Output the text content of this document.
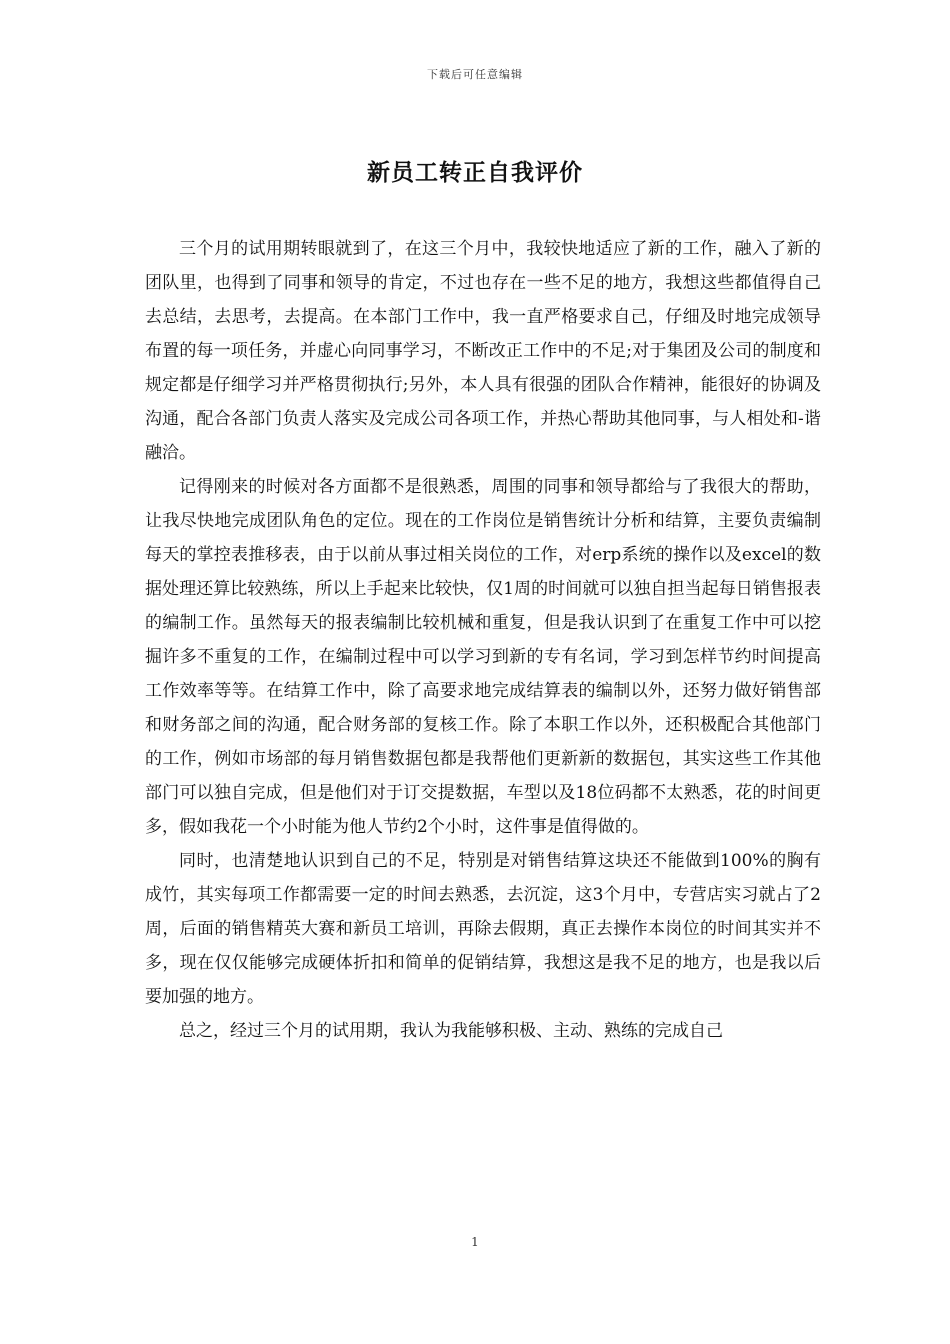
下载后可任意编辑
新员工转正自我评价

三个月的试用期转眼就到了，在这三个月中，我较快地适应了新的工作，融入了新的团队里，也得到了同事和领导的肯定，不过也存在一些不足的地方，我想这些都值得自己去总结，去思考，去提高。在本部门工作中，我一直严格要求自己，仔细及时地完成领导布置的每一项任务，并虚心向同事学习，不断改正工作中的不足;对于集团及公司的制度和规定都是仔细学习并严格贯彻执行;另外，本人具有很强的团队合作精神，能很好的协调及沟通，配合各部门负责人落实及完成公司各项工作，并热心帮助其他同事，与人相处和-谐融洽。

记得刚来的时候对各方面都不是很熟悉，周围的同事和领导都给与了我很大的帮助，让我尽快地完成团队角色的定位。现在的工作岗位是销售统计分析和结算，主要负责编制每天的掌控表推移表，由于以前从事过相关岗位的工作，对erp系统的操作以及excel的数据处理还算比较熟练，所以上手起来比较快，仅1周的时间就可以独自担当起每日销售报表的编制工作。虽然每天的报表编制比较机械和重复，但是我认识到了在重复工作中可以挖掘许多不重复的工作，在编制过程中可以学习到新的专有名词，学习到怎样节约时间提高工作效率等等。在结算工作中，除了高要求地完成结算表的编制以外，还努力做好销售部和财务部之间的沟通，配合财务部的复核工作。除了本职工作以外，还积极配合其他部门的工作，例如市场部的每月销售数据包都是我帮他们更新新的数据包，其实这些工作其他部门可以独自完成，但是他们对于订交提数据，车型以及18位码都不太熟悉，花的时间更多，假如我花一个小时能为他人节约2个小时，这件事是值得做的。

同时，也清楚地认识到自己的不足，特别是对销售结算这块还不能做到100%的胸有成竹，其实每项工作都需要一定的时间去熟悉，去沉淀，这3个月中，专营店实习就占了2周，后面的销售精英大赛和新员工培训，再除去假期，真正去操作本岗位的时间其实并不多，现在仅仅能够完成硬体折扣和简单的促销结算，我想这是我不足的地方，也是我以后要加强的地方。

总之，经过三个月的试用期，我认为我能够积极、主动、熟练的完成自己

1
